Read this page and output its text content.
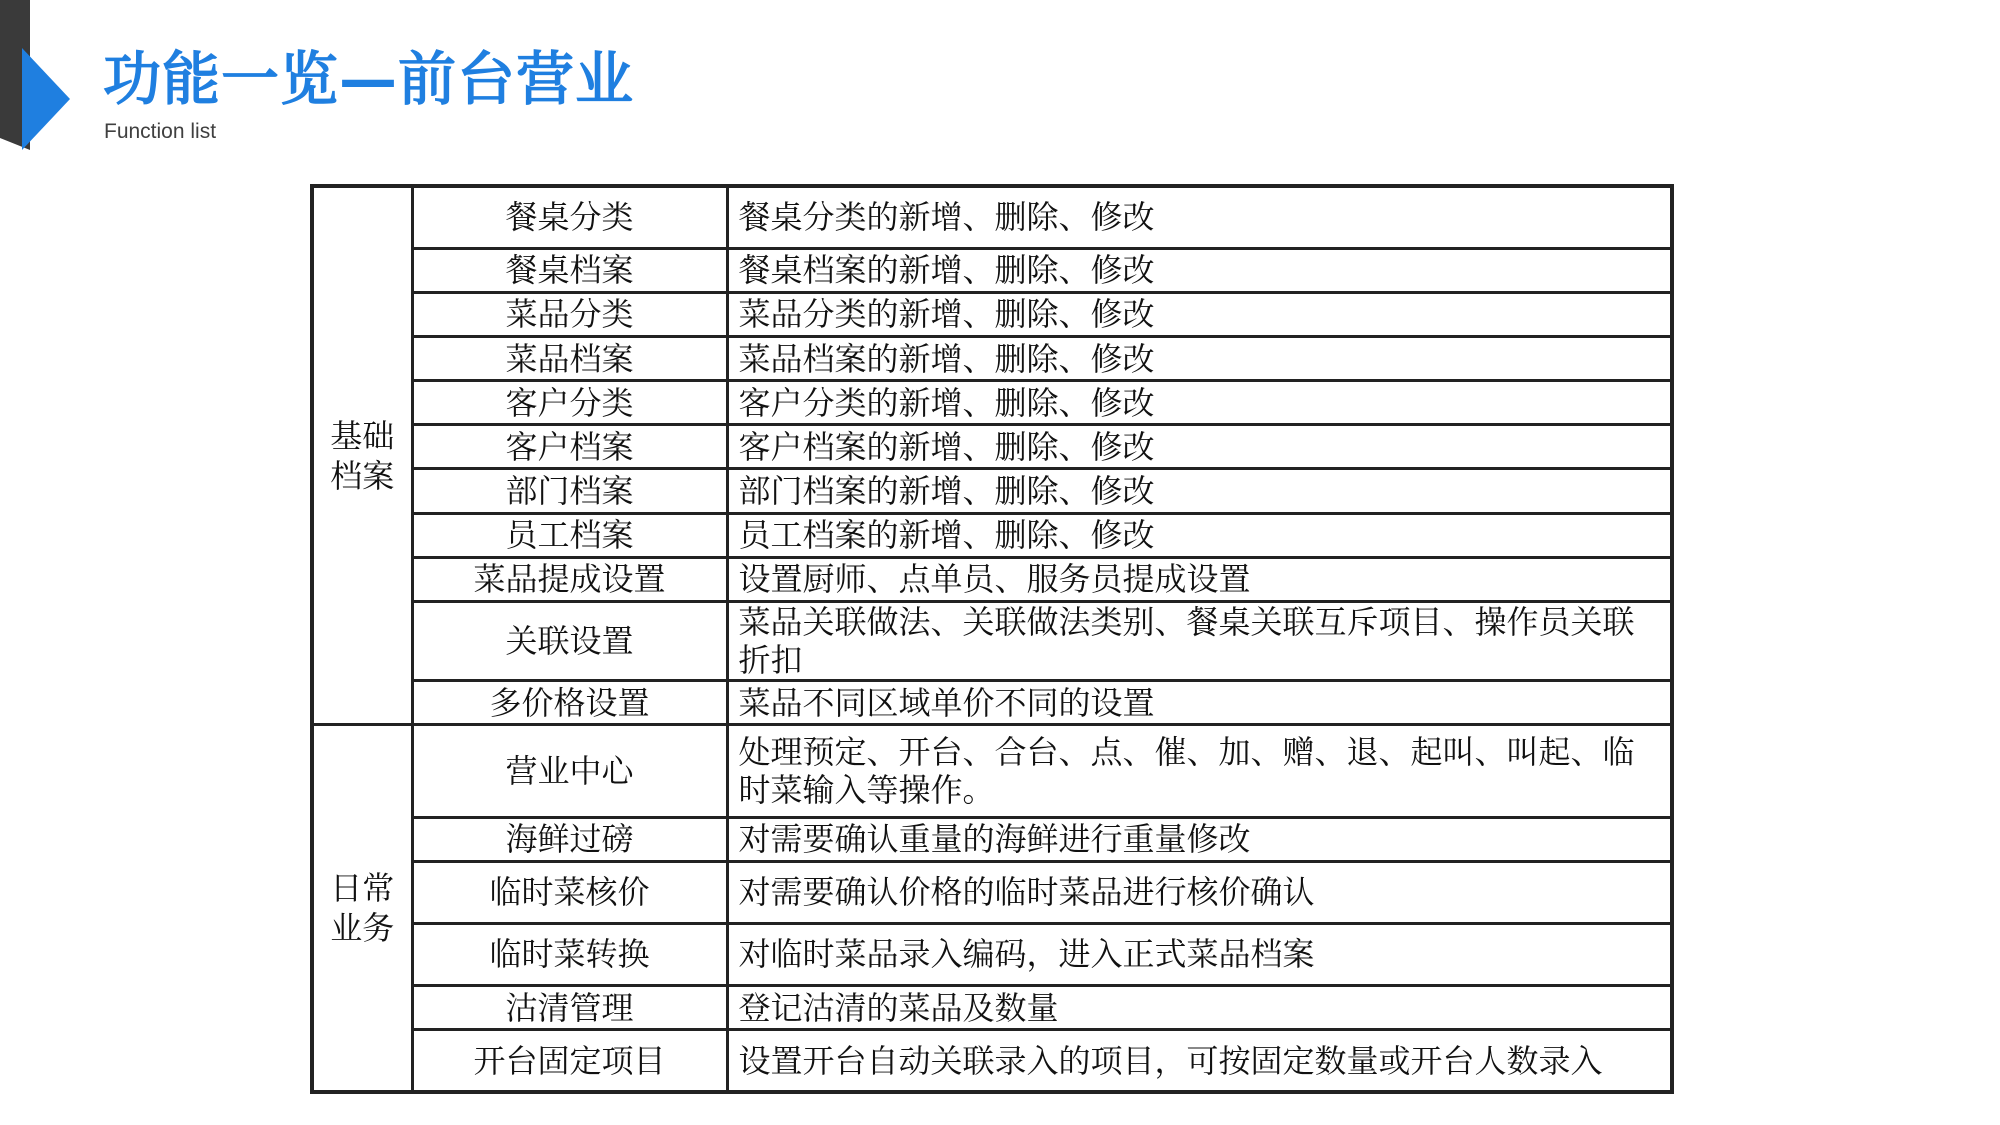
功能一览—前台营业
Function list
基础档案	餐桌分类	餐桌分类的新增、删除、修改
	餐桌档案	餐桌档案的新增、删除、修改
	菜品分类	菜品分类的新增、删除、修改
	菜品档案	菜品档案的新增、删除、修改
	客户分类	客户分类的新增、删除、修改
	客户档案	客户档案的新增、删除、修改
	部门档案	部门档案的新增、删除、修改
	员工档案	员工档案的新增、删除、修改
	菜品提成设置	设置厨师、点单员、服务员提成设置
	关联设置	菜品关联做法、关联做法类别、餐桌关联互斥项目、操作员关联折扣
	多价格设置	菜品不同区域单价不同的设置
日常业务	营业中心	处理预定、开台、合台、点、催、加、赠、退、起叫、叫起、临时菜输入等操作。
	海鲜过磅	对需要确认重量的海鲜进行重量修改
	临时菜核价	对需要确认价格的临时菜品进行核价确认
	临时菜转换	对临时菜品录入编码，进入正式菜品档案
	沽清管理	登记沽清的菜品及数量
	开台固定项目	设置开台自动关联录入的项目，可按固定数量或开台人数录入
